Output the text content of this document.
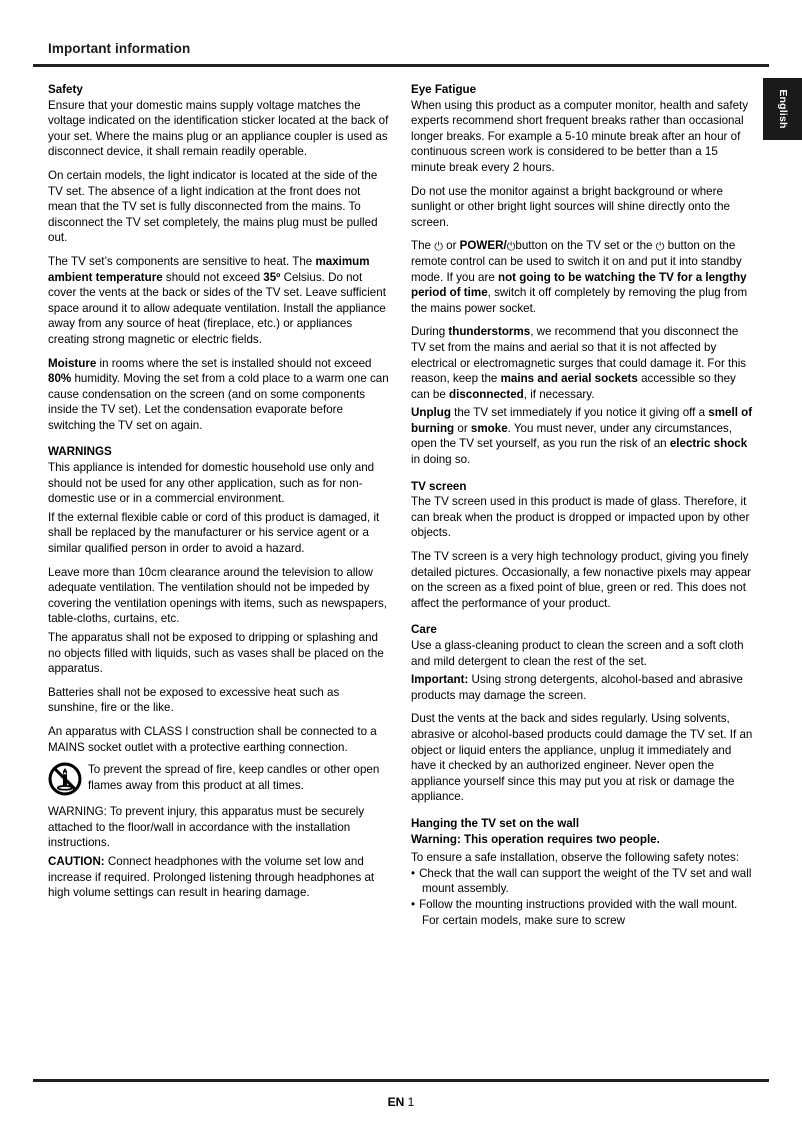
Important information
English
Safety

Ensure that your domestic mains supply voltage matches the voltage indicated on the identification sticker located at the back of your set. Where the mains plug or an appliance coupler is used as disconnect device, it shall remain readily operable.

On certain models, the light indicator is located at the side of the TV set. The absence of a light indication at the front does not mean that the TV set is fully disconnected from the mains. To disconnect the TV set completely, the mains plug must be pulled out.

The TV set’s components are sensitive to heat. The maximum ambient temperature should not exceed 35º Celsius. Do not cover the vents at the back or sides of the TV set. Leave sufficient space around it to allow adequate ventilation. Install the appliance away from any source of heat (fireplace, etc.) or appliances creating strong magnetic or electric fields.

Moisture in rooms where the set is installed should not exceed 80% humidity. Moving the set from a cold place to a warm one can cause condensation on the screen (and on some components inside the TV set). Let the condensation evaporate before switching the TV set on again.

WARNINGS

This appliance is intended for domestic household use only and should not be used for any other application, such as for non-domestic use or in a commercial environment.

If the external flexible cable or cord of this product is damaged, it shall be replaced by the manufacturer or his service agent or a similar qualified person in order to avoid a hazard.

Leave more than 10cm clearance around the television to allow adequate ventilation. The ventilation should not be impeded by covering the ventilation openings with items, such as newspapers, table-cloths, curtains, etc.

The apparatus shall not be exposed to dripping or splashing and no objects filled with liquids, such as vases shall be placed on the apparatus.

Batteries shall not be exposed to excessive heat such as sunshine, fire or the like.

An apparatus with CLASS I construction shall be connected to a MAINS socket outlet with a protective earthing connection.

To prevent the spread of fire, keep candles or other open flames away from this product at all times.

WARNING: To prevent injury, this apparatus must be securely attached to the floor/wall in accordance with the installation instructions.

CAUTION: Connect headphones with the volume set low and increase if required. Prolonged listening through headphones at high volume settings can result in hearing damage.

Eye Fatigue

When using this product as a computer monitor, health and safety experts recommend short frequent breaks rather than occasional longer breaks. For example a 5-10 minute break after an hour of continuous screen work is considered to be better than a 15 minute break every 2 hours.

Do not use the monitor against a bright background or where sunlight or other bright light sources will shine directly onto the screen.

The ⏻ or POWER/⏻button on the TV set or the ⏻ button on the remote control can be used to switch it on and put it into standby mode. If you are not going to be watching the TV for a lengthy period of time, switch it off completely by removing the plug from the mains power socket.

During thunderstorms, we recommend that you disconnect the TV set from the mains and aerial so that it is not affected by electrical or electromagnetic surges that could damage it. For this reason, keep the mains and aerial sockets accessible so they can be disconnected, if necessary.

Unplug the TV set immediately if you notice it giving off a smell of burning or smoke. You must never, under any circumstances, open the TV set yourself, as you run the risk of an electric shock in doing so.

TV screen

The TV screen used in this product is made of glass. Therefore, it can break when the product is dropped or impacted upon by other objects.

The TV screen is a very high technology product, giving you finely detailed pictures. Occasionally, a few nonactive pixels may appear on the screen as a fixed point of blue, green or red. This does not affect the performance of your product.

Care

Use a glass-cleaning product to clean the screen and a soft cloth and mild detergent to clean the rest of the set.

Important: Using strong detergents, alcohol-based and abrasive products may damage the screen.

Dust the vents at the back and sides regularly. Using solvents, abrasive or alcohol-based products could damage the TV set. If an object or liquid enters the appliance, unplug it immediately and have it checked by an authorized engineer. Never open the appliance yourself since this may put you at risk or damage the appliance.

Hanging the TV set on the wall

Warning: This operation requires two people.

To ensure a safe installation, observe the following safety notes:

• Check that the wall can support the weight of the TV set and wall mount assembly.
• Follow the mounting instructions provided with the wall mount. For certain models, make sure to screw
EN 1
